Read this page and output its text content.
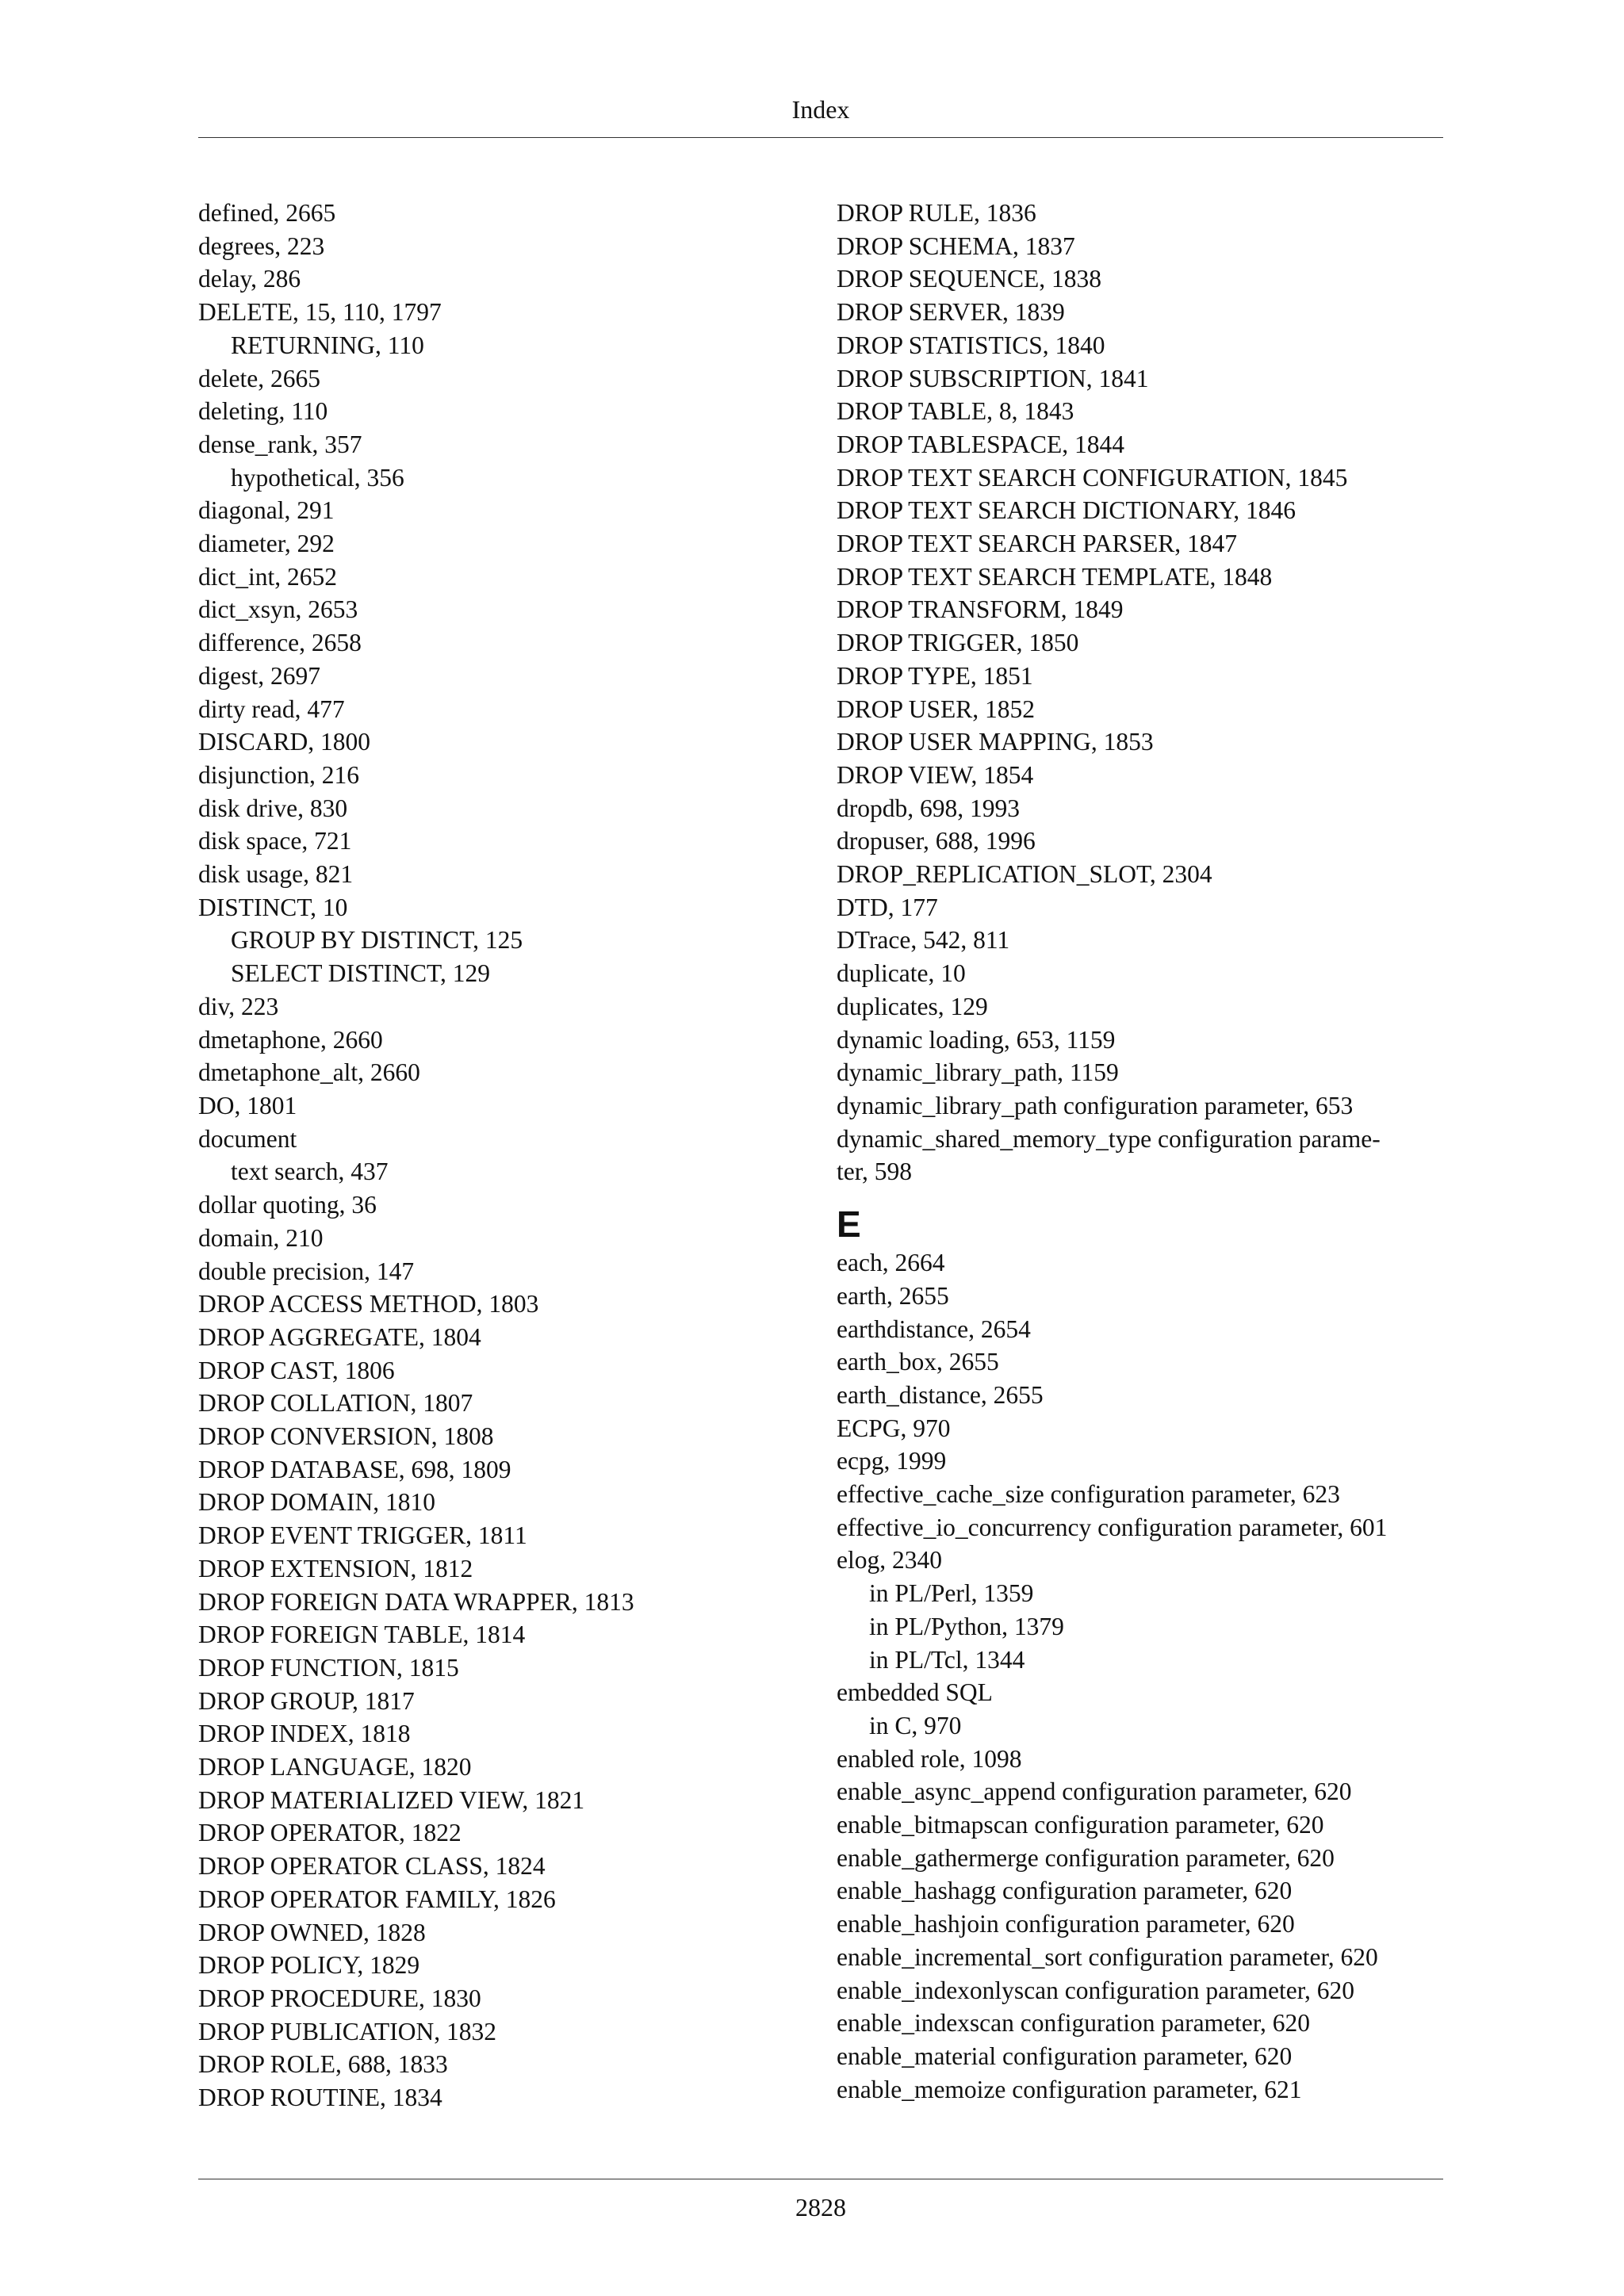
Index
defined, 2665
degrees, 223
delay, 286
DELETE, 15, 110, 1797
RETURNING, 110
delete, 2665
deleting, 110
dense_rank, 357
hypothetical, 356
diagonal, 291
diameter, 292
dict_int, 2652
dict_xsyn, 2653
difference, 2658
digest, 2697
dirty read, 477
DISCARD, 1800
disjunction, 216
disk drive, 830
disk space, 721
disk usage, 821
DISTINCT, 10
GROUP BY DISTINCT, 125
SELECT DISTINCT, 129
div, 223
dmetaphone, 2660
dmetaphone_alt, 2660
DO, 1801
document
text search, 437
dollar quoting, 36
domain, 210
double precision, 147
DROP ACCESS METHOD, 1803
DROP AGGREGATE, 1804
DROP CAST, 1806
DROP COLLATION, 1807
DROP CONVERSION, 1808
DROP DATABASE, 698, 1809
DROP DOMAIN, 1810
DROP EVENT TRIGGER, 1811
DROP EXTENSION, 1812
DROP FOREIGN DATA WRAPPER, 1813
DROP FOREIGN TABLE, 1814
DROP FUNCTION, 1815
DROP GROUP, 1817
DROP INDEX, 1818
DROP LANGUAGE, 1820
DROP MATERIALIZED VIEW, 1821
DROP OPERATOR, 1822
DROP OPERATOR CLASS, 1824
DROP OPERATOR FAMILY, 1826
DROP OWNED, 1828
DROP POLICY, 1829
DROP PROCEDURE, 1830
DROP PUBLICATION, 1832
DROP ROLE, 688, 1833
DROP ROUTINE, 1834
DROP RULE, 1836
DROP SCHEMA, 1837
DROP SEQUENCE, 1838
DROP SERVER, 1839
DROP STATISTICS, 1840
DROP SUBSCRIPTION, 1841
DROP TABLE, 8, 1843
DROP TABLESPACE, 1844
DROP TEXT SEARCH CONFIGURATION, 1845
DROP TEXT SEARCH DICTIONARY, 1846
DROP TEXT SEARCH PARSER, 1847
DROP TEXT SEARCH TEMPLATE, 1848
DROP TRANSFORM, 1849
DROP TRIGGER, 1850
DROP TYPE, 1851
DROP USER, 1852
DROP USER MAPPING, 1853
DROP VIEW, 1854
dropdb, 698, 1993
dropuser, 688, 1996
DROP_REPLICATION_SLOT, 2304
DTD, 177
DTrace, 542, 811
duplicate, 10
duplicates, 129
dynamic loading, 653, 1159
dynamic_library_path, 1159
dynamic_library_path configuration parameter, 653
dynamic_shared_memory_type configuration parame-
ter, 598
E
each, 2664
earth, 2655
earthdistance, 2654
earth_box, 2655
earth_distance, 2655
ECPG, 970
ecpg, 1999
effective_cache_size configuration parameter, 623
effective_io_concurrency configuration parameter, 601
elog, 2340
in PL/Perl, 1359
in PL/Python, 1379
in PL/Tcl, 1344
embedded SQL
in C, 970
enabled role, 1098
enable_async_append configuration parameter, 620
enable_bitmapscan configuration parameter, 620
enable_gathermerge configuration parameter, 620
enable_hashagg configuration parameter, 620
enable_hashjoin configuration parameter, 620
enable_incremental_sort configuration parameter, 620
enable_indexonlyscan configuration parameter, 620
enable_indexscan configuration parameter, 620
enable_material configuration parameter, 620
enable_memoize configuration parameter, 621
2828
